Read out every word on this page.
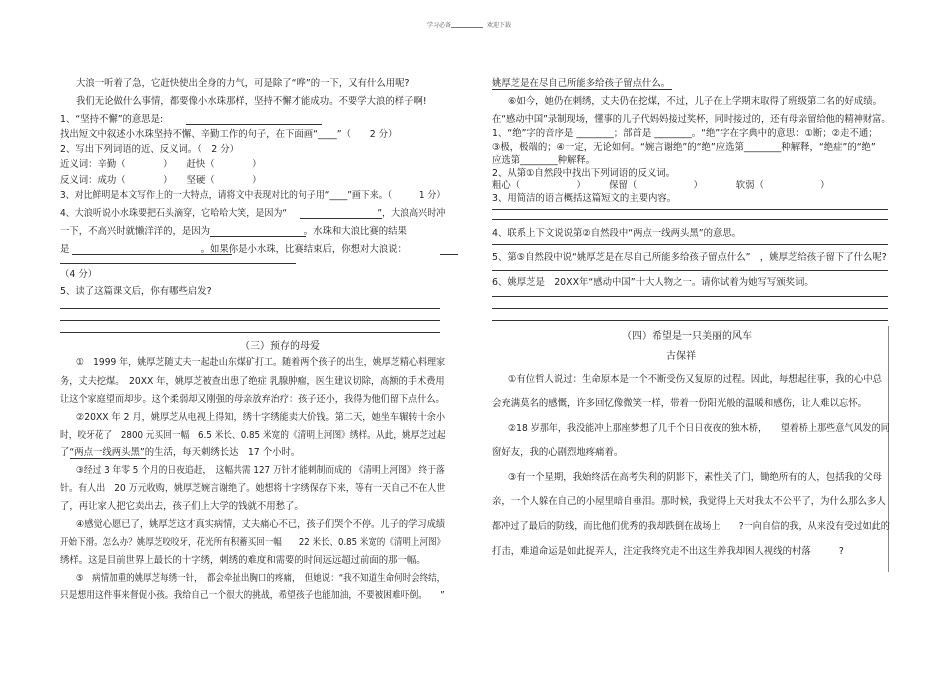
学习必备	欢迎下载
大浪一听着了急，它赶快使出全身的力气，可是除了“哗”的一下，又有什么用呢?
我们无论做什么事情，都要像小水珠那样，坚持不懈才能成功。不要学大浪的样子啊!
1、“坚持不懈”的意思是:
找出短文中叙述小水珠坚持不懈、辛勤工作的句子，在下面画“____”（　　2 分）
2、写出下列词语的近、反义词。（　2 分）
近义词：辛勤（　　　　）　　赶快（　　　　）
反义词：成功（　　　　）　　坚硬（　　　　）
3、对比鲜明是本文写作上的一大特点，请将文中表现对比的句子用“____”画下来。（　　　1 分）
4、大浪听说小水珠要把石头滴穿，它哈哈大笑，是因为“　　　　　　　　　　”，大浪高兴时冲
一下，不高兴时就懒洋洋的，是因为　　　　　　　　　　。水珠和大浪比赛的结果
是　　　　　　　　　　　　　　。如果你是小水珠，比赛结束后，你想对大浪说：
（4 分）
5、读了这篇课文后，你有哪些启发?
（三）预存的母爱
①　1999 年，姚厚芝随丈夫一起赴山东煤矿打工。随着两个孩子的出生，姚厚芝精心料理家
务，丈夫挖煤。　20XX 年，姚厚芝被查出患了绝症 乳腺肿瘤，医生建议切除，高额的手术费用
让这个家庭望而却步。这个柔弱却又刚强的母亲放弃治疗：孩子还小，我得为他们留下点什么。
②20XX 年 2 月，姚厚芝从电视上得知，绣十字绣能卖大价钱。第二天，她坐车辗转十余小
时，咬牙花了　2800 元买回一幅　6.5 米长、0.85 米宽的《清明上河图》绣样。从此，姚厚芝过起
了“两点一线两头黑”的生活，每天刺绣长达　17 个小时。
③经过 3 年零 5 个月的日夜追赶，　这幅共需 127 万针才能刺制而成的 《清明上河图》 终于落
针。有人出　20 万元收购，姚厚芝婉言谢绝了。她想将十字绣保存下来，等有一天自己不在人世
了，再让家人把它卖出去，孩子们上大学的钱就不用愁了。
④感觉心愿已了，姚厚芝这才真实病情，丈夫痛心不已，孩子们哭个不停。儿子的学习成绩
开始下滑。怎么办？姚厚芝咬咬牙，花光所有积蓄买回一幅　　22 米长、0.85 米宽的《清明上河图》
绣样。这是目前世界上最长的十字绣，刺绣的难度和需要的时间远远超过前面的那一幅。
⑤　病情加重的姚厚芝每绣一针，　都会牵扯出胸口的疼痛，　但她说：“我不知道生命何时会终结，
只是想用这件事来督促小孩。我给自己一个很大的挑战，希望孩子也能加油，不要被困难吓倒。　　”
姚厚芝是在尽自己所能多给孩子留点什么。
⑥如今，她仍在刺绣，丈夫仍在挖煤，不过，儿子在上学期末取得了班级第二名的好成绩。
在“感动中国”录制现场，懂事的儿子代妈妈接过奖杯，同时接过的，还有母亲留给他的精神财富。
1、“绝”字的音序是 ________；部首是 ________。“绝”字在字典中的意思：①断；②走不通；
③极，极端的；④一定，无论如何。“婉言谢绝”的“绝”应选第________种解释，“绝症”的“绝”
应选第________种解释。
2、从第①自然段中找出下列词语的反义词。
粗心（　　　　　　）　　　保留（　　　　　　）　　　　软弱（　　　　　　）
3、用简洁的语言概括这篇短文的主要内容。
4、联系上下文说说第②自然段中“两点一线两头黑”的意思。
5、第⑤自然段中说“姚厚芝是在尽自己所能多给孩子留点什么”　，姚厚芝给孩子留下了什么呢?
6、姚厚芝是　20XX年“感动中国”十大人物之一。请你试着为她写写颁奖词。
（四）希望是一只美丽的风车
古保祥
①有位哲人说过：生命原本是一个不断受伤又复原的过程。因此，每想起往事，我的心中总
会充满莫名的感慨，许多回忆像微笑一样，带着一份阳光般的温暖和感伤，让人难以忘怀。
②18 岁那年，我没能冲上那座梦想了几千个日日夜夜的独木桥，　　望着桥上那些意气风发的同
窗好友，我的心剧烈地疼痛着。
③有一个星期，我始终活在高考失利的阴影下，素性关了门，锄绝所有的人，包括我的父母
亲，一个人躲在自己的小屋里暗自垂泪。那时候，我觉得上天对我太不公平了，为什么那么多人
都冲过了最后的防线，而比他们优秀的我却跌倒在战场上　　?一向自信的我，从来没有受过如此的
打击，难道命运是如此捉弄人，注定我终究走不出这生养我却困人视线的村落　　　?
